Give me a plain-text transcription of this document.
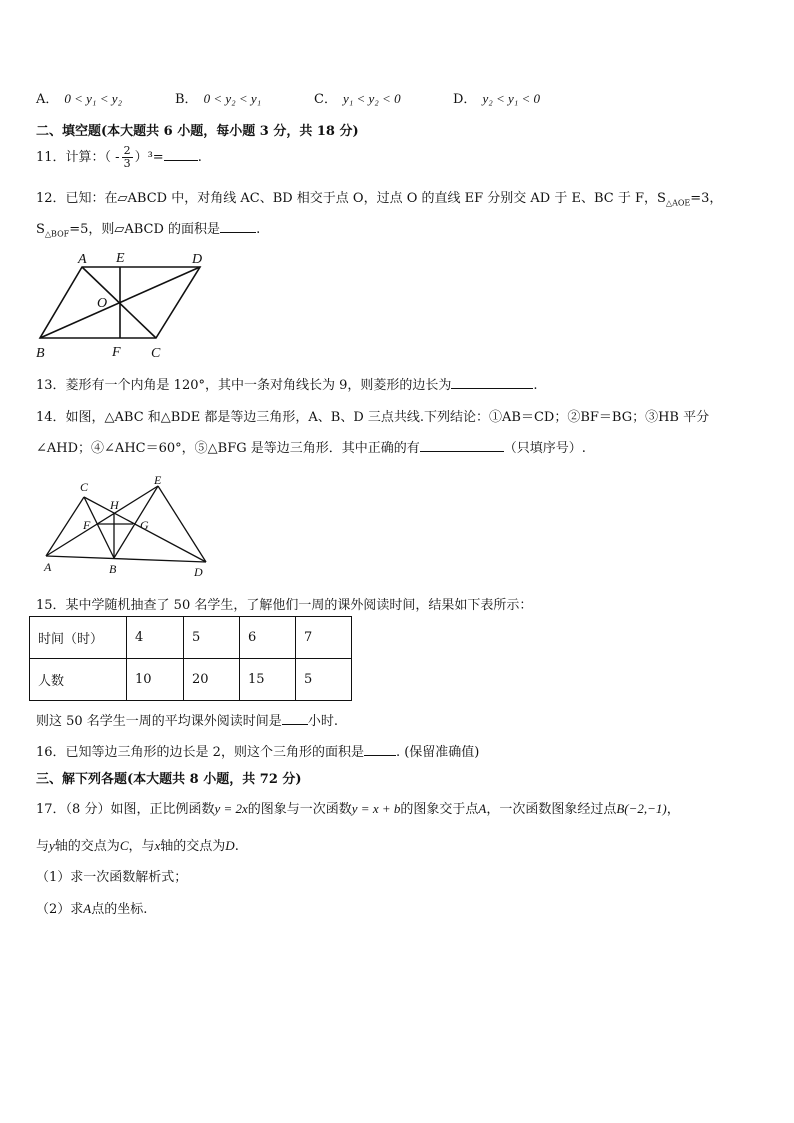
A． 0 < y₁ < y₂	B． 0 < y₂ < y₁	C． y₁ < y₂ < 0	D． y₂ < y₁ < 0
二、填空题(本大题共 6 小题，每小题 3 分，共 18 分)
11．计算：（ - $\frac{2}{3} )^3=$	.
12．已知：在▱ABCD 中，对角线 AC、BD 相交于点 O，过点 O 的直线 EF 分别交 AD 于 E、BC 于 F，$S_{\triangle AOE}=3$，
$S_{\triangle BOF}=5$，则▱ABCD 的面积是	.
A E	D
O
B	F C
13．菱形有一个内角是 120°，其中一条对角线长为 9，则菱形的边长为	.
14．如图，△ABC 和△BDE 都是等边三角形，A、B、D 三点共线.下列结论：①AB＝CD；②BF＝BG；③HB 平分
∠AHD；④∠AHC＝60°，⑤△BFG 是等边三角形．其中正确的有	（只填序号）.
C	E
H
F	G
A	B	D
15．某中学随机抽查了 50 名学生，了解他们一周的课外阅读时间，结果如下表所示：
时间（时）	4	5	6	7
人数	10	20	15	5
则这 50 名学生一周的平均课外阅读时间是 小时.
16．已知等边三角形的边长是 2，则这个三角形的面积是 . (保留准确值)
三、解下列各题(本大题共 8 小题，共 72 分)
17．（8 分）如图，正比例函数y = 2x的图象与一次函数y = x + b的图象交于点A，一次函数图象经过点B(−2,−1)，
与y轴的交点为C，与x轴的交点为D.
（1）求一次函数解析式；
（2）求A点的坐标.
